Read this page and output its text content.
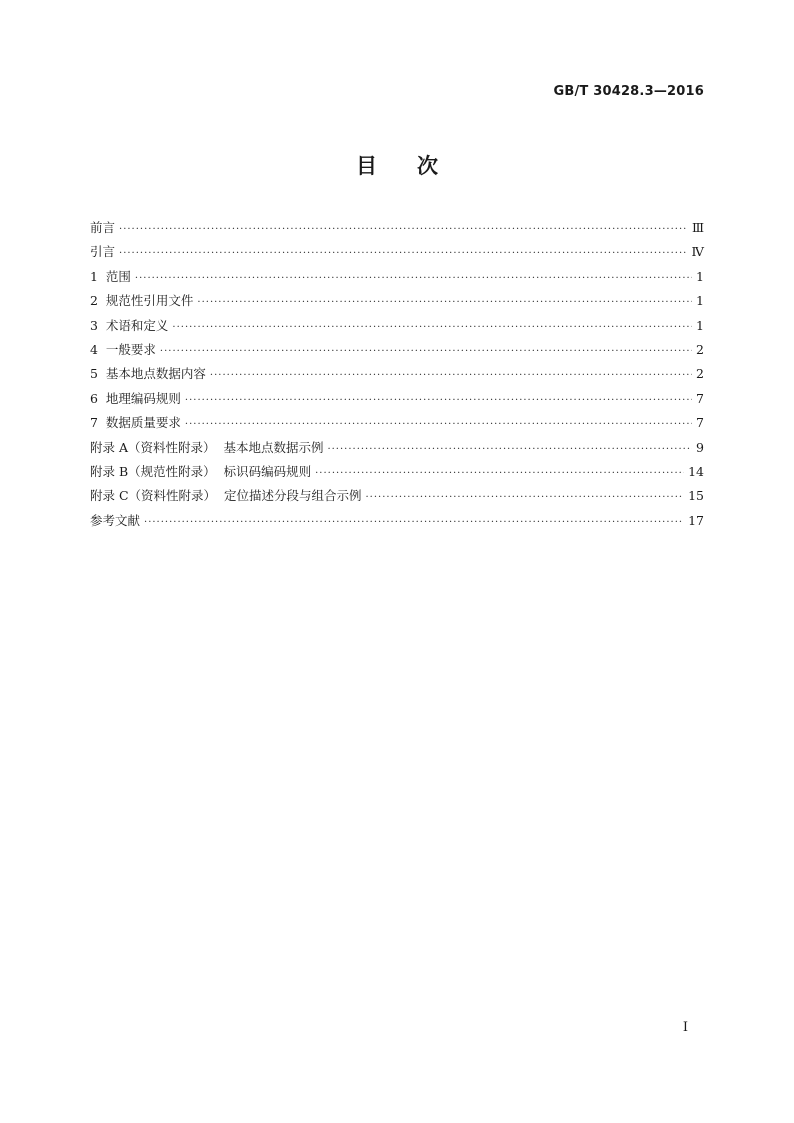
GB/T 30428.3—2016
目次
前言 ·····	Ⅲ
引言 ·····	Ⅳ
1  范围 ·····	1
2  规范性引用文件 ·····	1
3  术语和定义 ·····	1
4  一般要求 ·····	2
5  基本地点数据内容 ·····	2
6  地理编码规则 ·····	7
7  数据质量要求 ·····	7
附录 A（资料性附录）  基本地点数据示例 ·····	9
附录 B（规范性附录）  标识码编码规则 ·····	14
附录 C（资料性附录）  定位描述分段与组合示例 ·····	15
参考文献 ·····	17
I
